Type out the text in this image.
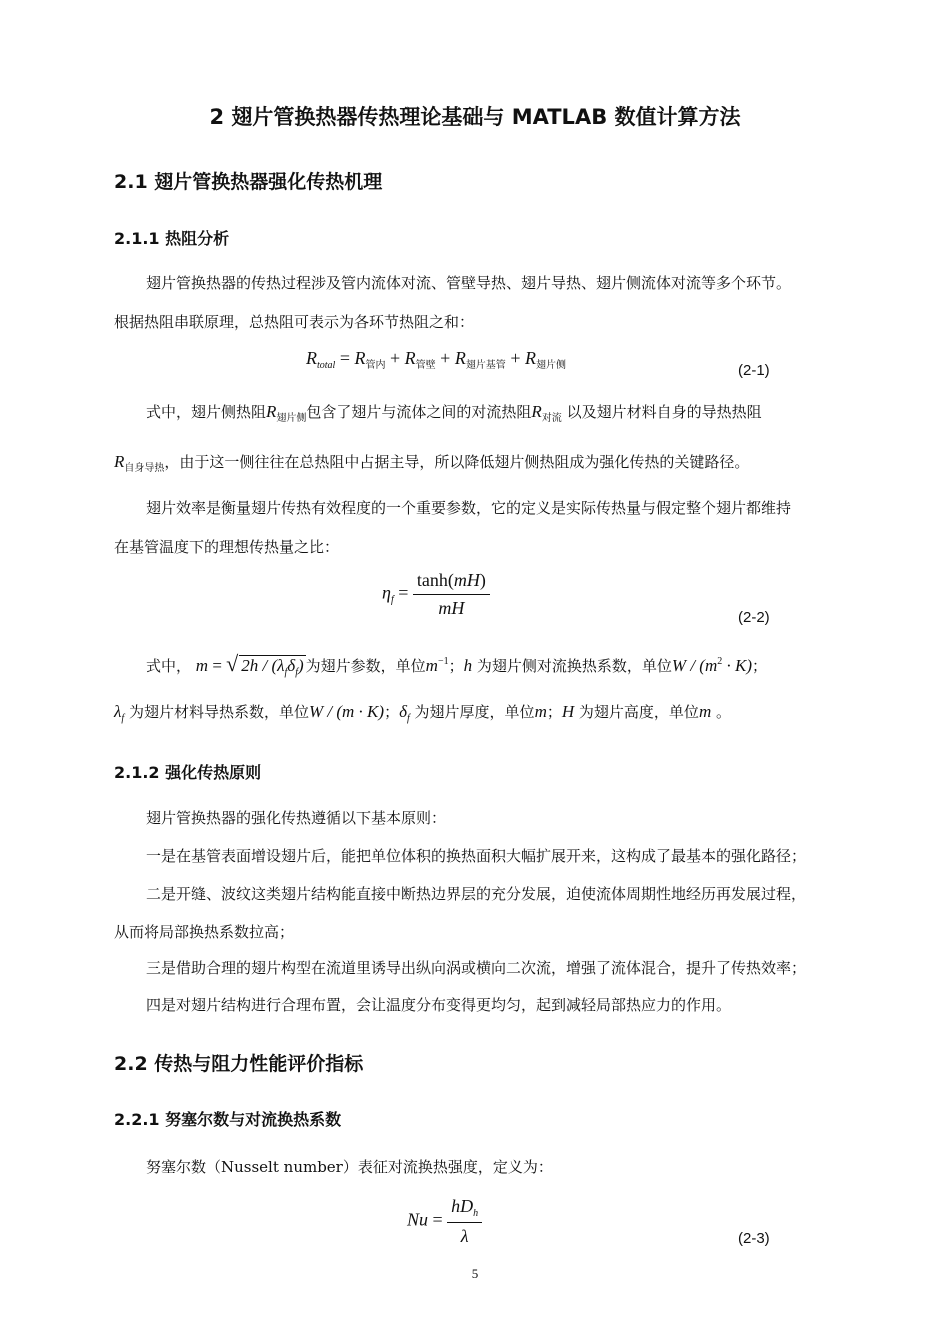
2 翅片管换热器传热理论基础与 MATLAB 数值计算方法
2.1 翅片管换热器强化传热机理
2.1.1 热阻分析
翅片管换热器的传热过程涉及管内流体对流、管壁导热、翅片导热、翅片侧流体对流等多个环节。
根据热阻串联原理，总热阻可表示为各环节热阻之和：
$R_{total} = R_{管内} + R_{管壁} + R_{翅片基管} + R_{翅片侧}$	(2-1)
式中，翅片侧热阻$R_{翅片侧}$包含了翅片与流体之间的对流热阻$R_{对流}$ 以及翅片材料自身的导热热阻
$R_{自身导热}$，由于这一侧往往在总热阻中占据主导，所以降低翅片侧热阻成为强化传热的关键路径。
翅片效率是衡量翅片传热有效程度的一个重要参数，它的定义是实际传热量与假定整个翅片都维持
在基管温度下的理想传热量之比：
$\eta_f = \frac{\tanh(mH)}{mH}$	(2-2)
式中， m = √ $2h / (\lambda_f\delta_f)$ 为翅片参数，单位$m^{-1}$；h 为翅片侧对流换热系数，单位$W / (m^2 \cdot K)$；
$\lambda_f$ 为翅片材料导热系数，单位W / (m · K)；$\delta_f$ 为翅片厚度，单位m；H 为翅片高度，单位m 。
2.1.2 强化传热原则
翅片管换热器的强化传热遵循以下基本原则：
一是在基管表面增设翅片后，能把单位体积的换热面积大幅扩展开来，这构成了最基本的强化路径；
二是开缝、波纹这类翅片结构能直接中断热边界层的充分发展，迫使流体周期性地经历再发展过程，
从而将局部换热系数拉高；
三是借助合理的翅片构型在流道里诱导出纵向涡或横向二次流，增强了流体混合，提升了传热效率；
四是对翅片结构进行合理布置，会让温度分布变得更均匀，起到减轻局部热应力的作用。
2.2 传热与阻力性能评价指标
2.2.1 努塞尔数与对流换热系数
努塞尔数（Nusselt number）表征对流换热强度，定义为：
$Nu = \frac{hD_h}{\lambda}$	(2-3)
5
